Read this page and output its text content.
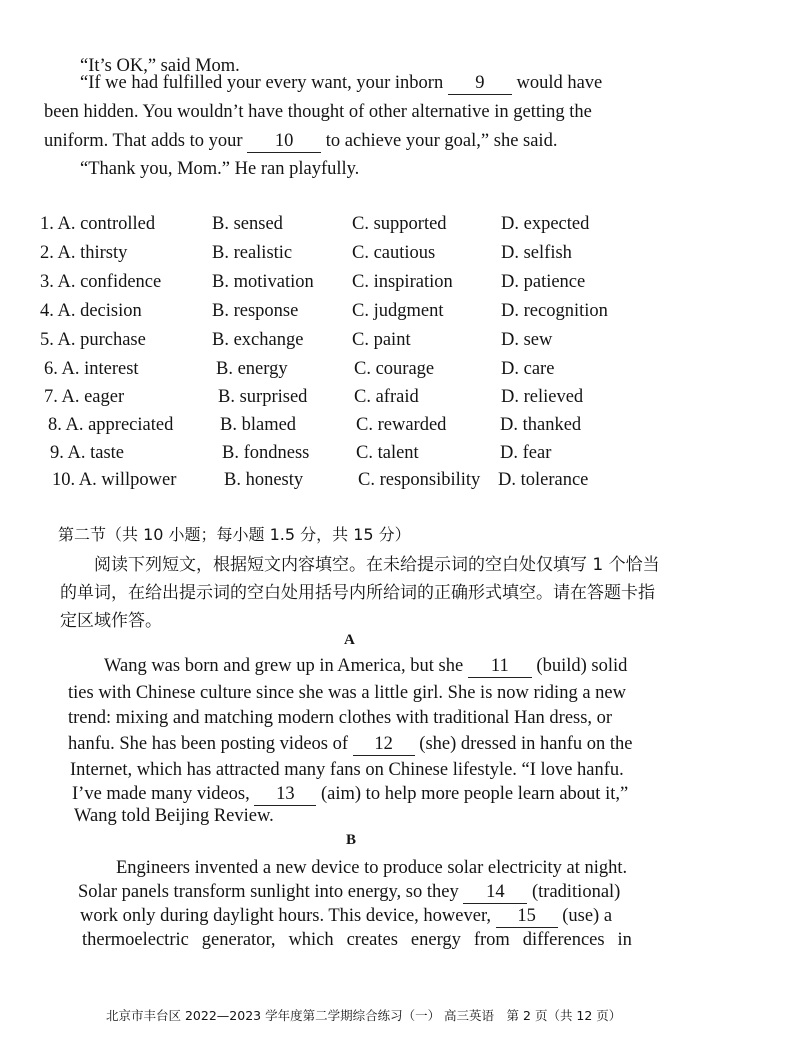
“It’s OK,” said Mom.
“If we had fulfilled your every want, your inborn 9 would have
been hidden. You wouldn’t have thought of other alternative in getting the
uniform. That adds to your 10 to achieve your goal,” she said.
“Thank you, Mom.” He ran playfully.
1. A. controlled	B. sensed	C. supported	D. expected
2. A. thirsty	B. realistic	C. cautious	D. selfish
3. A. confidence	B. motivation C. inspiration	D. patience
4. A. decision	B. response	C. judgment	D. recognition
5. A. purchase	B. exchange	C. paint	D. sew
6. A. interest	B. energy	C. courage	D. care
7. A. eager	B. surprised	C. afraid	D. relieved
8. A. appreciated	B. blamed	C. rewarded	D. thanked
9. A. taste	B. fondness	C. talent	D. fear
10. A. willpower	B. honesty	C. responsibility D. tolerance
第二节（共 10 小题；每小题 1.5 分，共 15 分）
阅读下列短文，根据短文内容填空。在未给提示词的空白处仅填写 1 个恰当
的单词，在给出提示词的空白处用括号内所给词的正确形式填空。请在答题卡指
定区域作答。
A
Wang was born and grew up in America, but she 11 (build) solid
ties with Chinese culture since she was a little girl. She is now riding a new
trend: mixing and matching modern clothes with traditional Han dress, or
hanfu. She has been posting videos of 12 (she) dressed in hanfu on the
Internet, which has attracted many fans on Chinese lifestyle. “I love hanfu.
I’ve made many videos, 13 (aim) to help more people learn about it,”
Wang told Beijing Review.
B
Engineers invented a new device to produce solar electricity at night.
Solar panels transform sunlight into energy, so they 14 (traditional)
work only during daylight hours. This device, however, 15 (use) a
thermoelectric generator, which creates energy from differences in
北京市丰台区 2022—2023 学年度第二学期综合练习（一） 高三英语　第 2 页（共 12 页）
